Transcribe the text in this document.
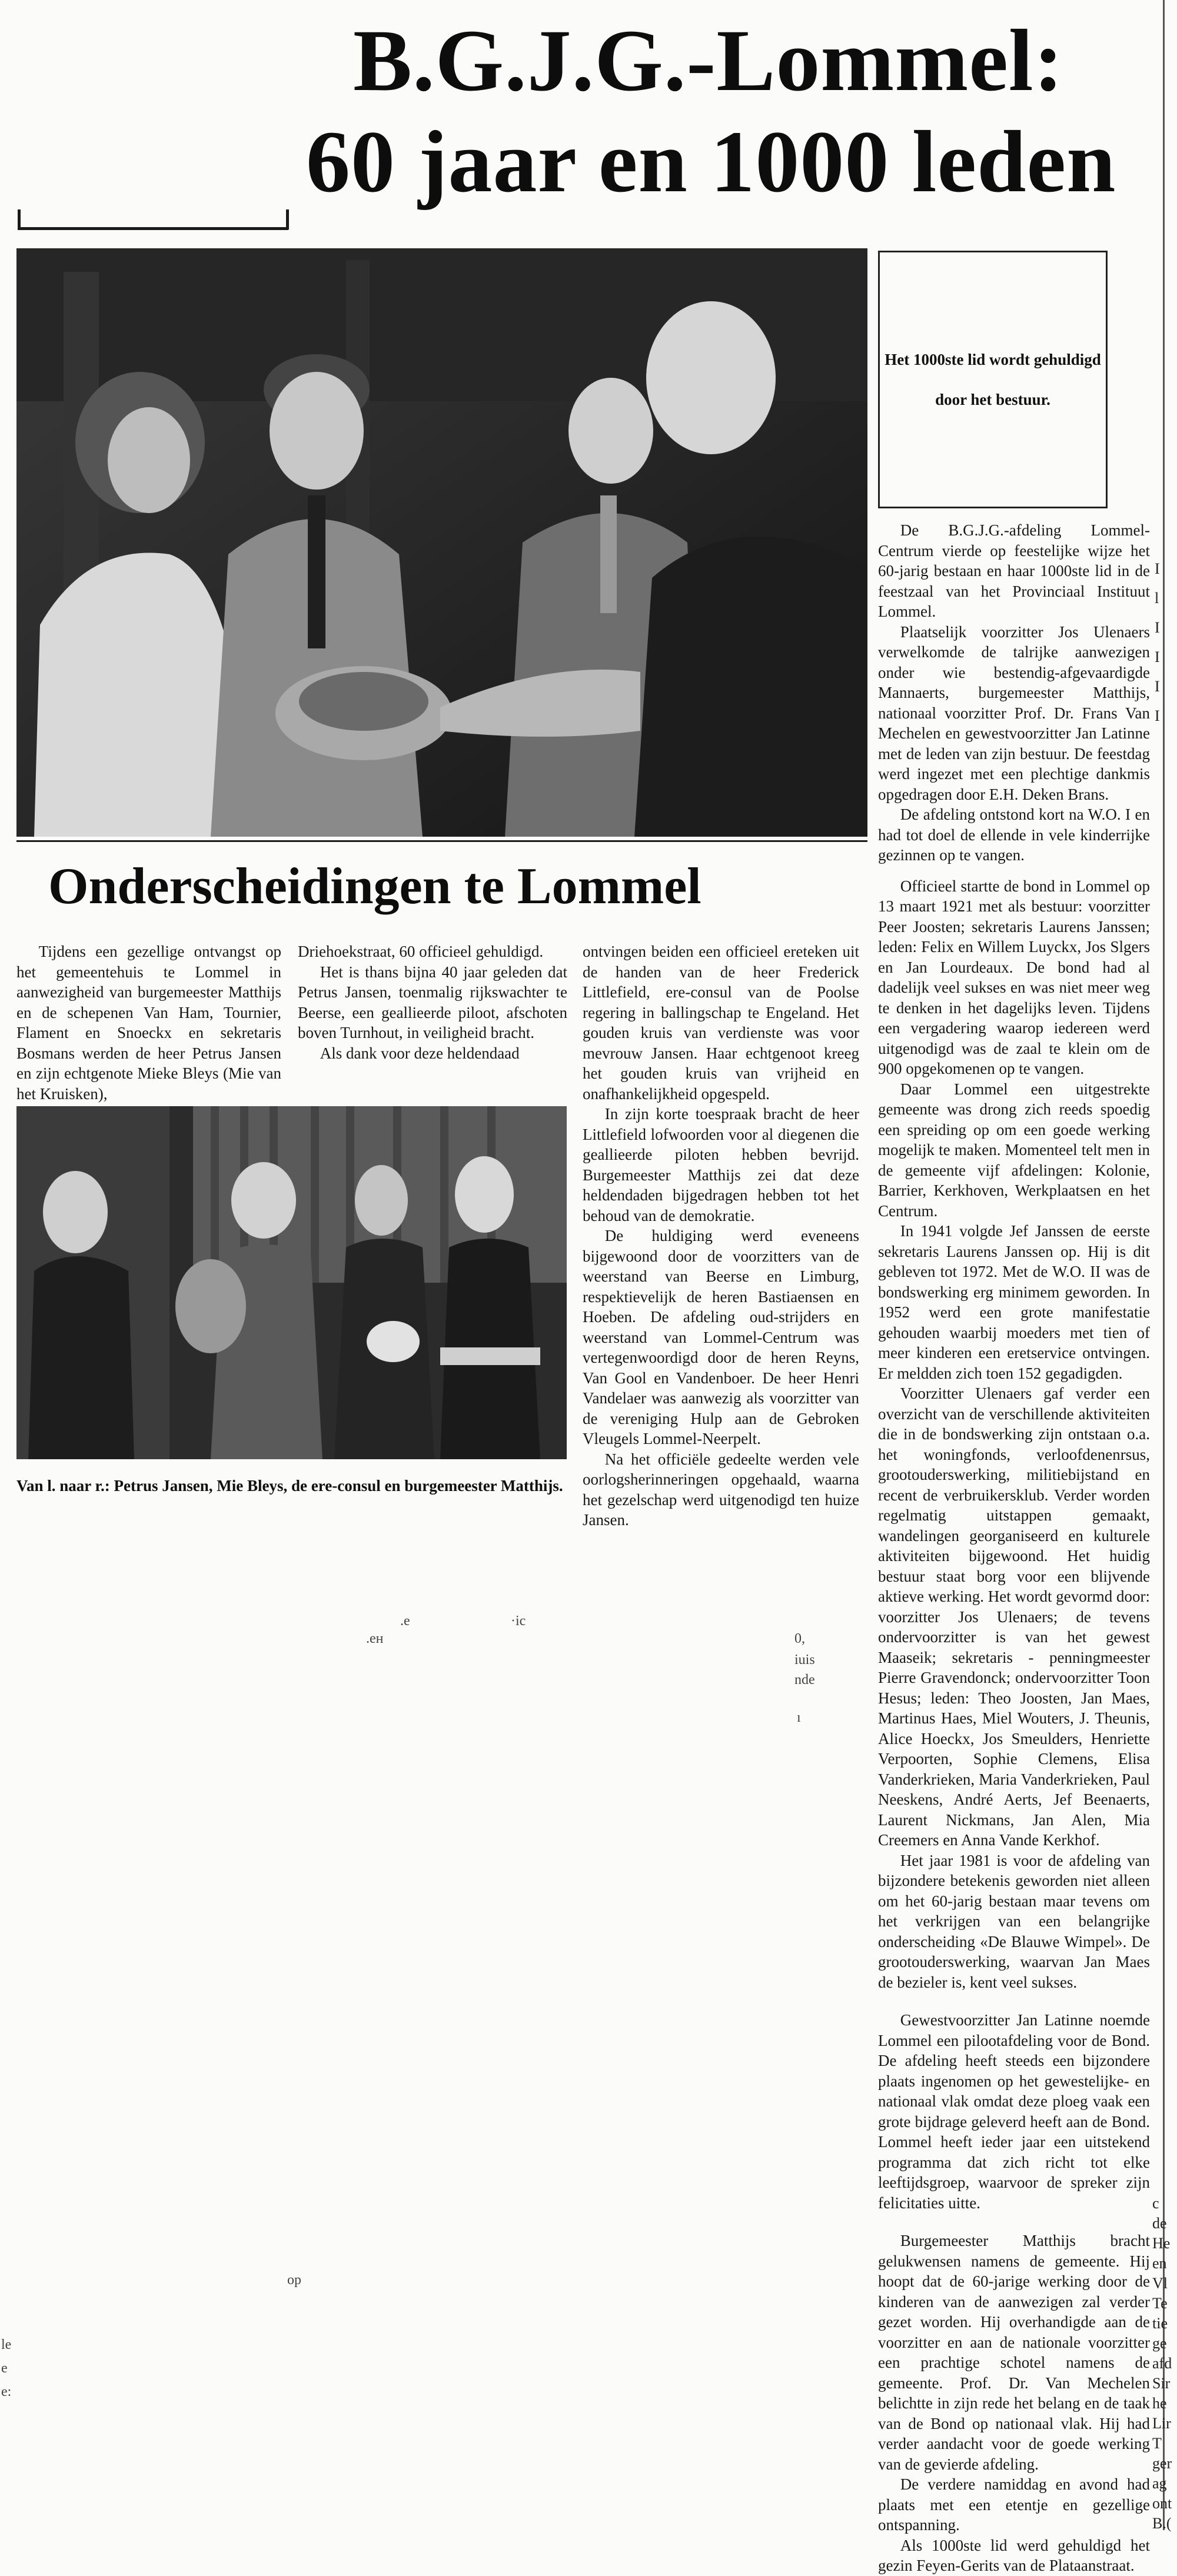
B.G.J.G.-Lommel:
60 jaar en 1000 leden
Het 1000ste lid wordt gehuldigd
door het bestuur.
Onderscheidingen te Lommel

Tijdens een gezellige ontvangst op het gemeentehuis te Lommel in aanwezigheid van burgemeester Matthijs en de schepenen Van Ham, Tournier, Flament en Snoeckx en sekretaris Bosmans werden de heer Petrus Jansen en zijn echtgenote Mieke Bleys (Mie van het Kruisken),

Driehoekstraat, 60 officieel gehuldigd.

Het is thans bijna 40 jaar geleden dat Petrus Jansen, toenmalig rijkswachter te Beerse, een geallieerde piloot, afschoten boven Turnhout, in veiligheid bracht.

Als dank voor deze heldendaad

ontvingen beiden een officieel ereteken uit de handen van de heer Frederick Littlefield, ere-consul van de Poolse regering in ballingschap te Engeland. Het gouden kruis van verdienste was voor mevrouw Jansen. Haar echtgenoot kreeg het gouden kruis van vrijheid en onafhankelijkheid opgespeld.

In zijn korte toespraak bracht de heer Littlefield lofwoorden voor al diegenen die geallieerde piloten hebben bevrijd. Burgemeester Matthijs zei dat deze heldendaden bijgedragen hebben tot het behoud van de demokratie.

De huldiging werd eveneens bijgewoond door de voorzitters van de weerstand van Beerse en Limburg, respektievelijk de heren Bastiaensen en Hoeben. De afdeling oud-strijders en weerstand van Lommel-Centrum was vertegenwoordigd door de heren Reyns, Van Gool en Vandenboer. De heer Henri Vandelaer was aanwezig als voorzitter van de vereniging Hulp aan de Gebroken Vleugels Lommel-Neerpelt.

Na het officiële gedeelte werden vele oorlogsherinneringen opgehaald, waarna het gezelschap werd uitgenodigd ten huize Jansen.

Van l. naar r.: Petrus Jansen, Mie Bleys, de ere-consul en burgemeester Matthijs.
.e	·ic
.ен	0,
iuis
nde
ı
op
le
e
e:

De B.G.J.G.-afdeling Lommel-Centrum vierde op feestelijke wijze het 60-jarig bestaan en haar 1000ste lid in de feestzaal van het Provinciaal Instituut Lommel.

Plaatselijk voorzitter Jos Ulenaers verwelkomde de talrijke aanwezigen onder wie bestendig-afgevaardigde Mannaerts, burgemeester Matthijs, nationaal voorzitter Prof. Dr. Frans Van Mechelen en gewestvoorzitter Jan Latinne met de leden van zijn bestuur. De feestdag werd ingezet met een plechtige dankmis opgedragen door E.H. Deken Brans.

De afdeling ontstond kort na W.O. I en had tot doel de ellende in vele kinderrijke gezinnen op te vangen.

Officieel startte de bond in Lommel op 13 maart 1921 met als bestuur: voorzitter Peer Joosten; sekretaris Laurens Janssen; leden: Felix en Willem Luyckx, Jos Slgers en Jan Lourdeaux. De bond had al dadelijk veel sukses en was niet meer weg te denken in het dagelijks leven. Tijdens een vergadering waarop iedereen werd uitgenodigd was de zaal te klein om de 900 opgekomenen op te vangen.

Daar Lommel een uitgestrekte gemeente was drong zich reeds spoedig een spreiding op om een goede werking mogelijk te maken. Momenteel telt men in de gemeente vijf afdelingen: Kolonie, Barrier, Kerkhoven, Werkplaatsen en het Centrum.

In 1941 volgde Jef Janssen de eerste sekretaris Laurens Janssen op. Hij is dit gebleven tot 1972. Met de W.O. II was de bondswerking erg minimem geworden. In 1952 werd een grote manifestatie gehouden waarbij moeders met tien of meer kinderen een eretservice ontvingen. Er meldden zich toen 152 gegadigden.

Voorzitter Ulenaers gaf verder een overzicht van de verschillende aktiviteiten die in de bondswerking zijn ontstaan o.a. het woningfonds, verloofdenenrsus, grootouderswerking, militiebijstand en recent de verbruikersklub. Verder worden regelmatig uitstappen gemaakt, wandelingen georganiseerd en kulturele aktiviteiten bijgewoond. Het huidig bestuur staat borg voor een blijvende aktieve werking. Het wordt gevormd door: voorzitter Jos Ulenaers; de tevens ondervoorzitter is van het gewest Maaseik; sekretaris - penningmeester Pierre Gravendonck; ondervoorzitter Toon Hesus; leden: Theo Joosten, Jan Maes, Martinus Haes, Miel Wouters, J. Theunis, Alice Hoeckx, Jos Smeulders, Henriette Verpoorten, Sophie Clemens, Elisa Vanderkrieken, Maria Vanderkrieken, Paul Neeskens, André Aerts, Jef Beenaerts, Laurent Nickmans, Jan Alen, Mia Creemers en Anna Vande Kerkhof.

Het jaar 1981 is voor de afdeling van bijzondere betekenis geworden niet alleen om het 60-jarig bestaan maar tevens om het verkrijgen van een belangrijke onderscheiding «De Blauwe Wimpel». De grootouderswerking, waarvan Jan Maes de bezieler is, kent veel sukses.

Gewestvoorzitter Jan Latinne noemde Lommel een pilootafdeling voor de Bond. De afdeling heeft steeds een bijzondere plaats ingenomen op het gewestelijke- en nationaal vlak omdat deze ploeg vaak een grote bijdrage geleverd heeft aan de Bond. Lommel heeft ieder jaar een uitstekend programma dat zich richt tot elke leeftijdsgroep, waarvoor de spreker zijn felicitaties uitte.

Burgemeester Matthijs bracht gelukwensen namens de gemeente. Hij hoopt dat de 60-jarige werking door de kinderen van de aanwezigen zal verder gezet worden. Hij overhandigde aan de voorzitter en aan de nationale voorzitter een prachtige schotel namens de gemeente. Prof. Dr. Van Mechelen belichtte in zijn rede het belang en de taak van de Bond op nationaal vlak. Hij had verder aandacht voor de goede werking van de gevierde afdeling.

De verdere namiddag en avond had plaats met een etentje en gezellige ontspanning.

Als 1000ste lid werd gehuldigd het gezin Feyen-Gerits van de Plataanstraat.

I
l
I
I
I
I
c
de
He
en
Vl
Te
tie
ge
afd
Sir
he
Lir
T
ger
ag
ont
B.(
